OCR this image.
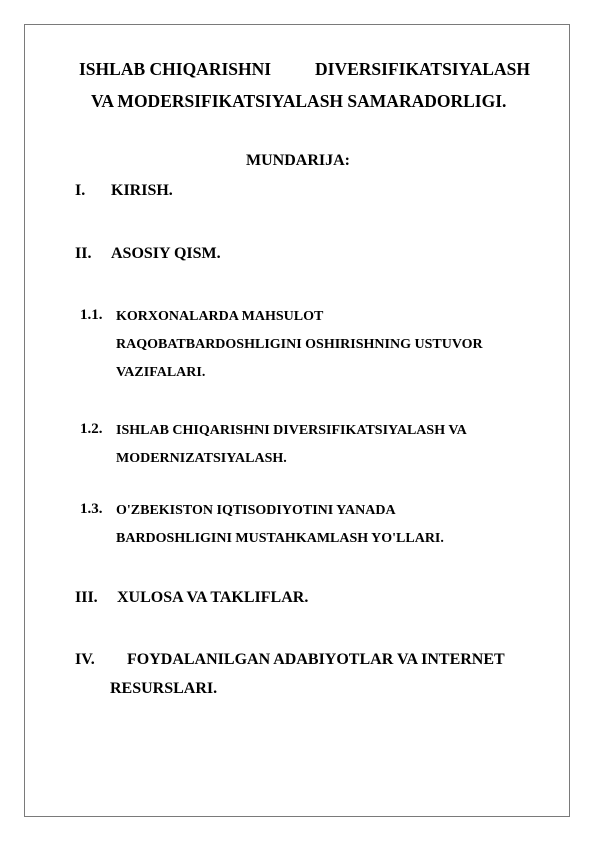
ISHLAB CHIQARISHNI	DIVERSIFIKATSIYALASH
VA MODERSIFIKATSIYALASH SAMARADORLIGI.
MUNDARIJA:
I. KIRISH.
II. ASOSIY QISM.
1.1. KORXONALARDA MAHSULOT
RAQOBATBARDOSHLIGINI OSHIRISHNING USTUVOR
VAZIFALARI.
1.2. ISHLAB CHIQARISHNI DIVERSIFIKATSIYALASH VA
MODERNIZATSIYALASH.
1.3. O'ZBEKISTON IQTISODIYOTINI YANADA
BARDOSHLIGINI MUSTAHKAMLASH YO'LLARI.
III. XULOSA VA TAKLIFLAR.
IV. FOYDALANILGAN ADABIYOTLAR VA INTERNET
RESURSLARI.
